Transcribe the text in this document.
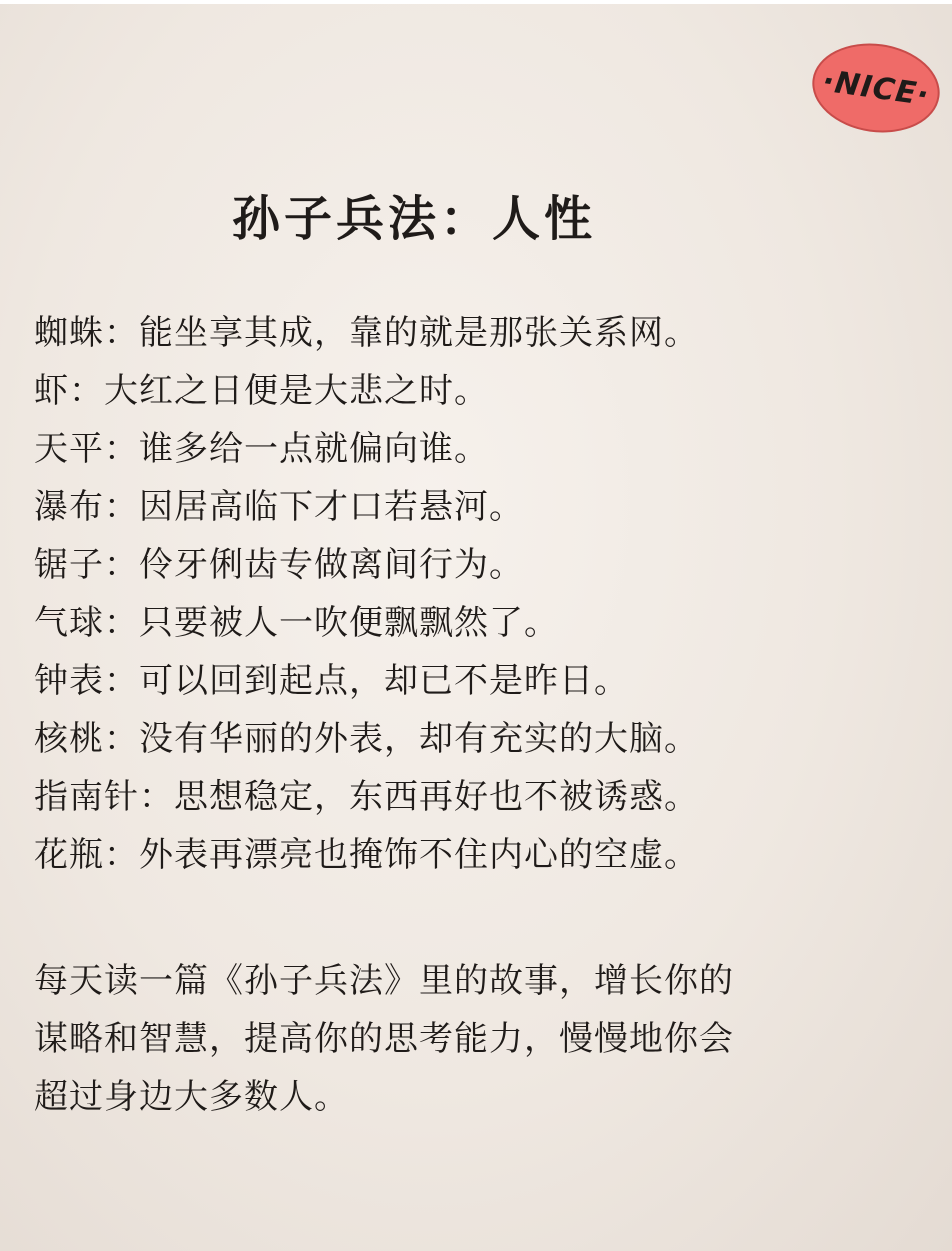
·NICE·
孙子兵法：人性
蜘蛛：能坐享其成，靠的就是那张关系网。
虾：大红之日便是大悲之时。
天平：谁多给一点就偏向谁。
瀑布：因居高临下才口若悬河。
锯子：伶牙俐齿专做离间行为。
气球：只要被人一吹便飘飘然了。
钟表：可以回到起点，却已不是昨日。
核桃：没有华丽的外表，却有充实的大脑。
指南针：思想稳定，东西再好也不被诱惑。
花瓶：外表再漂亮也掩饰不住内心的空虚。
每天读一篇《孙子兵法》里的故事，增长你的
谋略和智慧，提高你的思考能力，慢慢地你会
超过身边大多数人。
